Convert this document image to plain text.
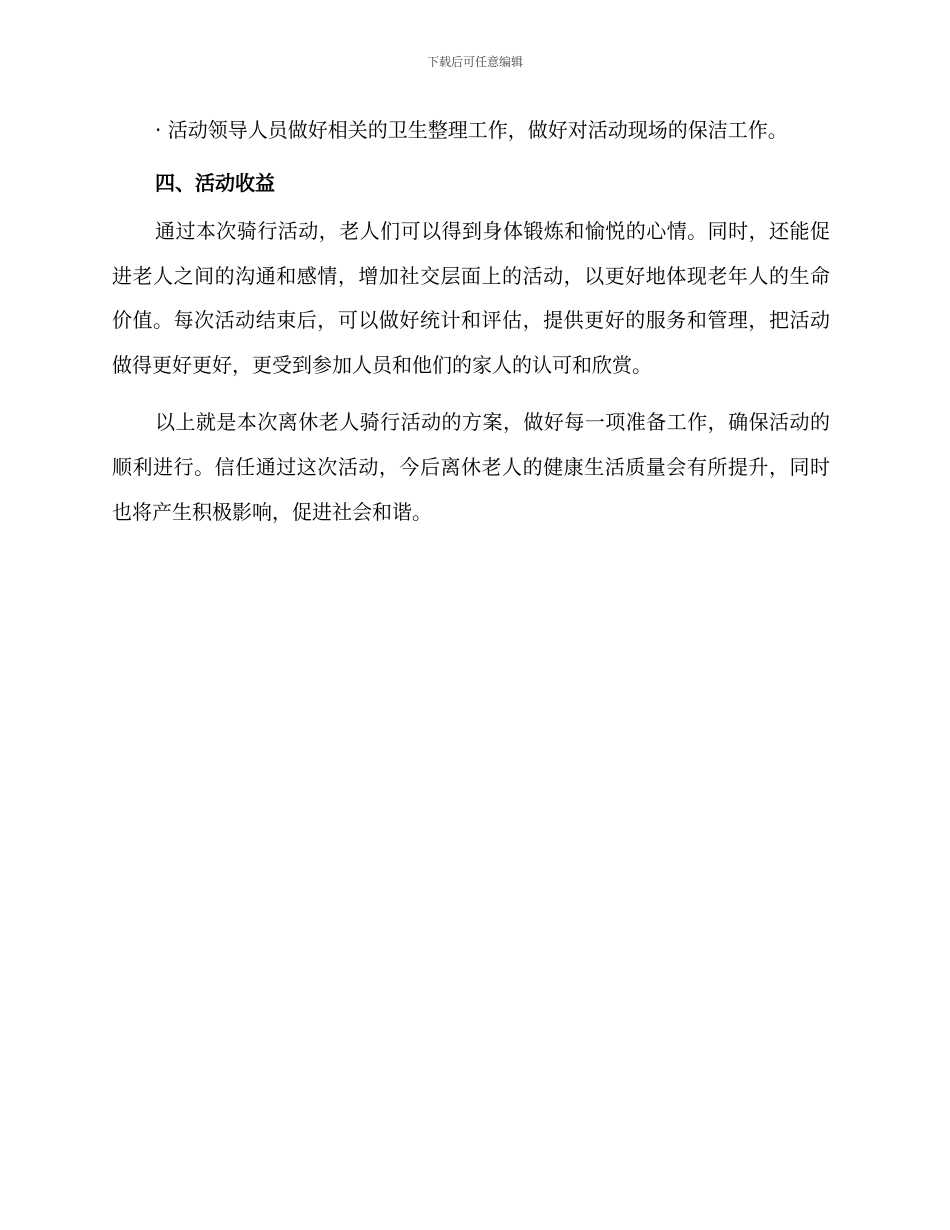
下载后可任意编辑

· 活动领导人员做好相关的卫生整理工作，做好对活动现场的保洁工作。

四、活动收益

通过本次骑行活动，老人们可以得到身体锻炼和愉悦的心情。同时，还能促进老人之间的沟通和感情，增加社交层面上的活动，以更好地体现老年人的生命价值。每次活动结束后，可以做好统计和评估，提供更好的服务和管理，把活动做得更好更好，更受到参加人员和他们的家人的认可和欣赏。

以上就是本次离休老人骑行活动的方案，做好每一项准备工作，确保活动的顺利进行。信任通过这次活动，今后离休老人的健康生活质量会有所提升，同时也将产生积极影响，促进社会和谐。
